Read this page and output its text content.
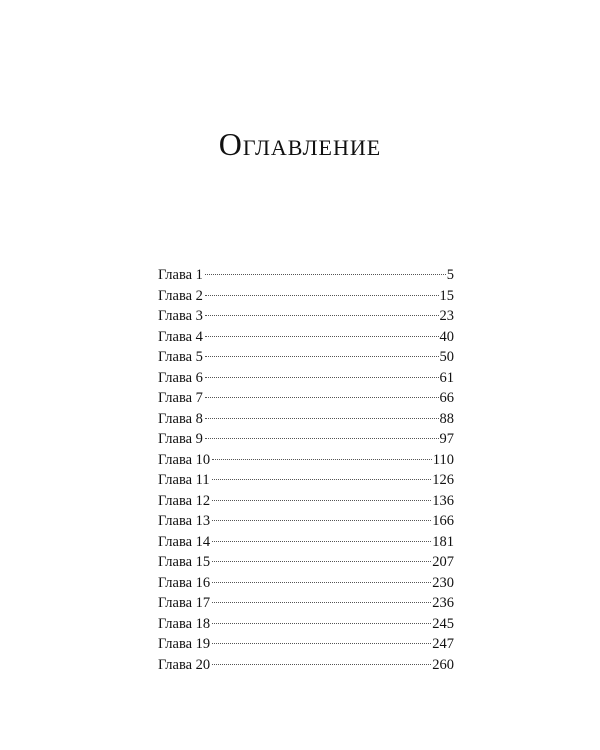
Оглавление
Глава 1	5
Глава 2	15
Глава 3	23
Глава 4	40
Глава 5	50
Глава 6	61
Глава 7	66
Глава 8	88
Глава 9	97
Глава 10	110
Глава 11	126
Глава 12	136
Глава 13	166
Глава 14	181
Глава 15	207
Глава 16	230
Глава 17	236
Глава 18	245
Глава 19	247
Глава 20	260
